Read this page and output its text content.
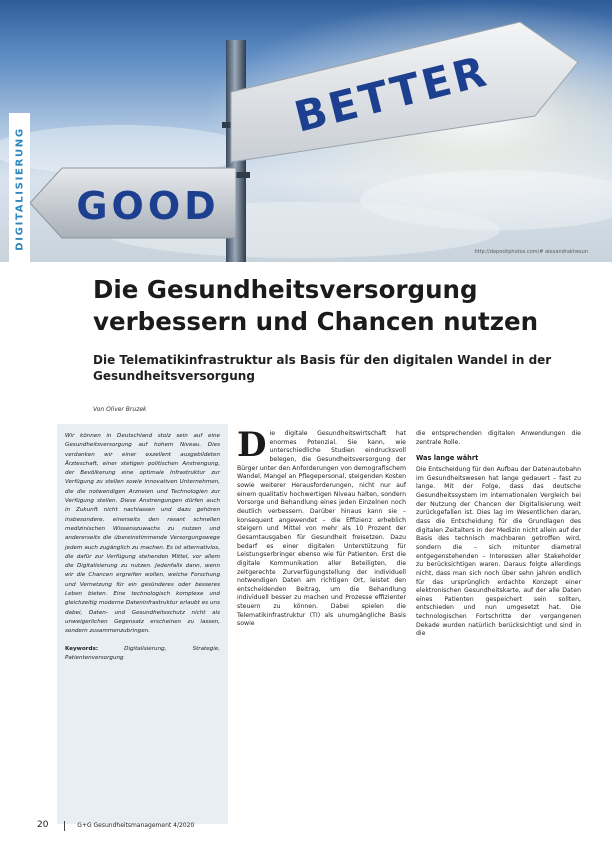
BETTER
GOOD
http://depositphotos.com/# alexandrakhesun
DIGITALISIERUNG
Die Gesundheitsversorgung verbessern und Chancen nutzen
Die Telematikinfrastruktur als Basis für den digitalen Wandel in der Gesundheitsversorgung
Von Oliver Bruzek

Wir können in Deutschland stolz sein auf eine Gesundheitsversorgung auf hohem Niveau. Dies verdanken wir einer exzellent ausgebildeten Ärzteschaft, einer stetigen politischen Anstrengung, der Bevölkerung eine optimale Infrastruktur zur Verfügung zu stellen sowie innovativen Unternehmen, die die notwendigen Arzneien und Technologien zur Verfügung stellen. Diese Anstrengungen dürfen auch in Zukunft nicht nachlassen und dazu gehören insbesondere, einerseits den rasant schnellen medizinischen Wissenszuwachs zu nutzen und andererseits die übereinstimmende Versorgungswege jedem auch zugänglich zu machen. Es ist alternativlos, die dafür zur Verfügung stehenden Mittel, vor allem die Digitalisierung zu nutzen. Jedenfalls dann, wenn wir die Chancen ergreifen wollen, welche Forschung und Vernetzung für ein gesünderes oder besseres Leben bieten. Eine technologisch komplexe und gleichzeitig moderne Dateninfrastruktur erlaubt es uns dabei, Daten- und Gesundheitsschutz nicht als unweigerlichen Gegensatz erscheinen zu lassen, sondern zusammenzubringen.

Keywords:	Digitalisierung, Strategie, Patientenversorgung

D ie digitale Gesundheitswirtschaft hat enormes Potenzial. Sie kann, wie unterschiedliche Studien eindrucksvoll belegen, die Gesundheitsversorgung der Bürger unter den Anforderungen von demografischem Wandel, Mangel an Pflegepersonal, steigenden Kosten sowie weiterer Herausforderungen, nicht nur auf einem qualitativ hochwertigen Niveau halten, sondern Vorsorge und Behandlung eines jeden Einzelnen noch deutlich verbessern. Darüber hinaus kann sie – konsequent angewendet – die Effizienz erheblich steigern und Mittel von mehr als 10 Prozent der Gesamtausgaben für Gesundheit freisetzen. Dazu bedarf es einer digitalen Unterstützung für Leistungserbringer ebenso wie für Patienten. Erst die digitale Kommunikation aller Beteiligten, die zeitgerechte Zurverfügungstellung der individuell notwendigen Daten am richtigen Ort, leistet den entscheidenden Beitrag, um die Behandlung individuell besser zu machen und Prozesse effizienter steuern zu können. Dabei spielen die Telematikinfrastruktur (TI) als unumgängliche Basis sowie

die entsprechenden digitalen Anwendungen die zentrale Rolle.

Was lange währt

Die Entscheidung für den Aufbau der Datenautobahn im Gesundheitswesen hat lange gedauert – fast zu lange. Mit der Folge, dass das deutsche Gesundheitssystem im internationalen Vergleich bei der Nutzung der Chancen der Digitalisierung weit zurückgefallen ist. Dies lag im Wesentlichen daran, dass die Entscheidung für die Grundlagen des digitalen Zeitalters in der Medizin nicht allein auf der Basis des technisch machbaren getroffen wird, sondern die – sich mitunter diametral entgegenstehenden – Interessen aller Stakeholder zu berücksichtigen waren. Daraus folgte allerdings nicht, dass man sich noch über sehn jahren endlich für das ursprünglich erdachte Konzept einer elektronischen Gesundheitskarte, auf der alle Daten eines Patienten gespeichert sein sollten, entschieden und nun umgesetzt hat. Die technologischen Fortschritte der vergangenen Dekade wurden natürlich berücksichtigt und sind in die

20	G+G Gesundheitsmanagement 4/2020
